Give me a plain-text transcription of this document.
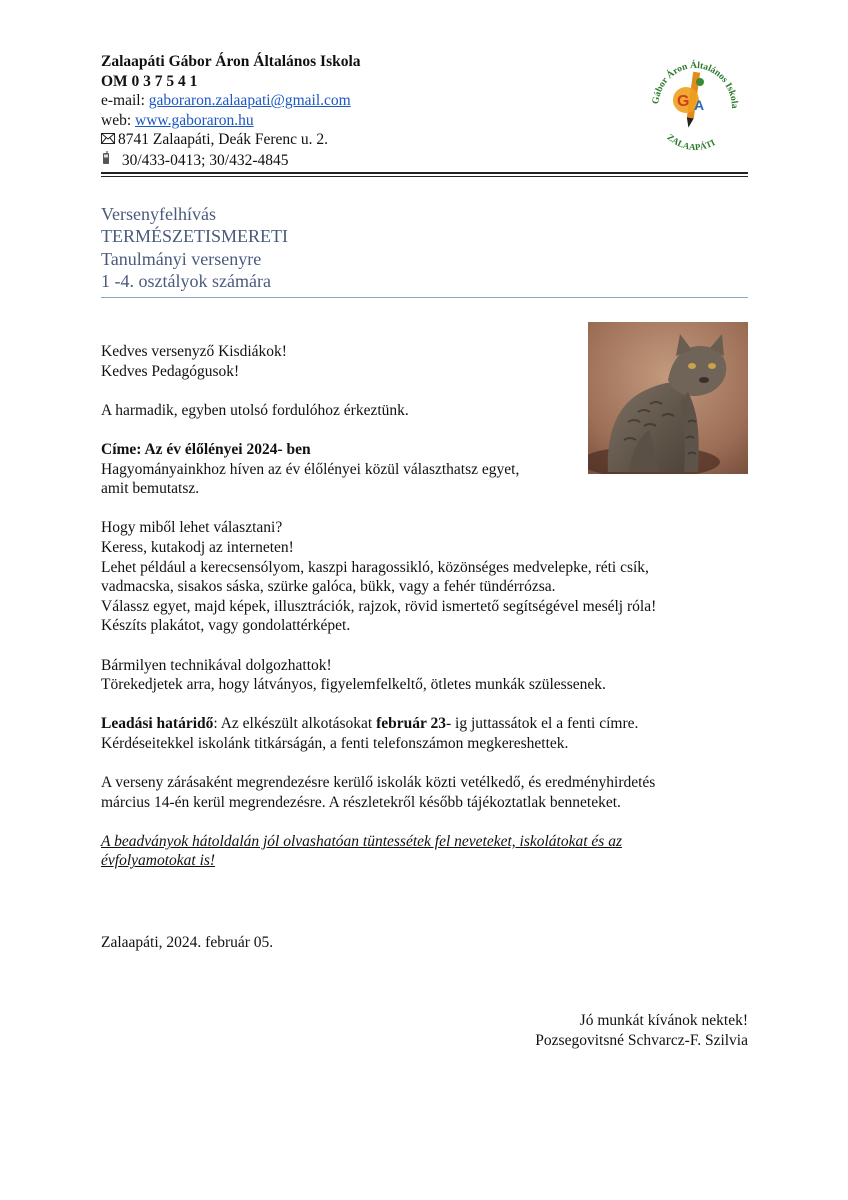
Zalaapáti Gábor Áron Általános Iskola
OM 0 3 7 5 4 1
e-mail: gaboraron.zalaapati@gmail.com
web: www.gaboraron.hu
8741 Zalaapáti, Deák Ferenc u. 2.
30/433-0413; 30/432-4845
Gábor Áron Általános Iskola
G A
ZALAAPÁTI
Versenyfelhívás
TERMÉSZETISMERETI
Tanulmányi versenyre
1 -4. osztályok számára

Kedves versenyző Kisdiákok!

Kedves Pedagógusok!

A harmadik, egyben utolsó fordulóhoz érkeztünk.

Címe: Az év élőlényei 2024- ben

Hagyományainkhoz híven az év élőlényei közül választhatsz egyet,

amit bemutatsz.

Hogy miből lehet választani?

Keress, kutakodj az interneten!

Lehet például a kerecsensólyom, kaszpi haragossikló, közönséges medvelepke, réti csík,

vadmacska, sisakos sáska, szürke galóca, bükk, vagy a fehér tündérrózsa.

Válassz egyet, majd képek, illusztrációk, rajzok, rövid ismertető segítségével mesélj róla!

Készíts plakátot, vagy gondolattérképet.

Bármilyen technikával dolgozhattok!

Törekedjetek arra, hogy látványos, figyelemfelkeltő, ötletes munkák szülessenek.

Leadási határidő: Az elkészült alkotásokat február 23- ig juttassátok el a fenti címre.

Kérdéseitekkel iskolánk titkárságán, a fenti telefonszámon megkereshettek.

A verseny zárásaként megrendezésre kerülő iskolák közti vetélkedő, és eredményhirdetés

március 14-én kerül megrendezésre. A részletekről később tájékoztatlak benneteket.

A beadványok hátoldalán jól olvashatóan tüntessétek fel neveteket, iskolátokat és az

évfolyamotokat is!

Zalaapáti, 2024. február 05.
Jó munkát kívánok nektek!
Pozsegovitsné Schvarcz-F. Szilvia
